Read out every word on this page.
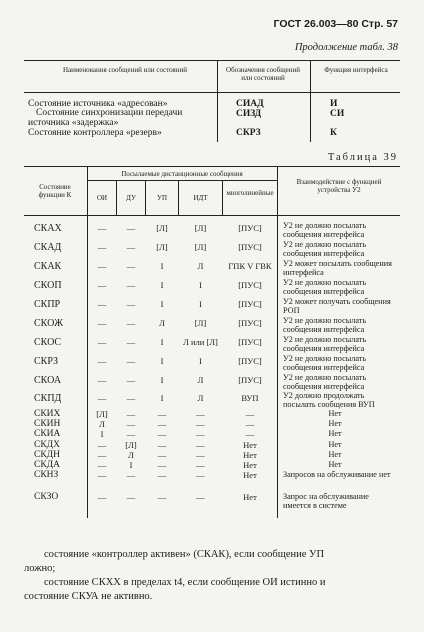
ГОСТ 26.003—80 Стр. 57
Продолжение табл. 38
Наименования сообщений или состояний	Обозначения сообщений или состояний
Функция интерфейса
Состояние источника «адресован»	СИАД	И
Состояние синхронизации передачи источника «задержка»
СИЗД	СИ
Состояние контроллера «резерв»	СКРЗ	К
Таблица 39
Состояние функции К
Посылаемые дистанционные сообщения
ОИ	ДУ	УП	ИДТ
многолинейные
Взаимодействие с функцией устройства У2
СКАХ	—	—	[Л]	[Л]	[ПУС]	У2 не должно посылать сообщения интерфейса
СКАД	—	—	[Л]	[Л]	[ПУС]	У2 не должно посылать сообщения интерфейса
СКАК	—	—	I	Л	ГПК V ГВК	У2 может посылать сообщения интерфейса
СКОП	—	—	I	I	[ПУС]	У2 не должно посылать сообщения интерфейса
СКПР	—	—	I	I	[ПУС]	У2 может получать сообщения РОП
СКОЖ	—	—	Л	[Л]	[ПУС]	У2 не должно посылать сообщения интерфейса
СКОС	—	—	I	Л или [Л]	[ПУС]	У2 не должно посылать сообщения интерфейса
СКРЗ	—	—	I	I	[ПУС]	У2 не должно посылать сообщения интерфейса
СКОА	—	—	I	Л	[ПУС]	У2 не должно посылать сообщения интерфейса
СКПД	—	—	I	Л	ВУП	У2 должно продолжать посылать сообщения ВУП
СКИХ	[Л]	—	—	—	—	Нет
СКИН	Л	—	—	—	—	Нет
СКИА	I	—	—	—	—	Нет
СКДХ	—	[Л]	—	—	Нет	Нет
СКДН	—	Л	—	—	Нет	Нет
СКДА	—	I	—	—	Нет	Нет
СКНЗ	—	—	—	—	Нет	Запросов на обслуживание нет
СКЗО	—	—	—	—	Нет	Запрос на обслуживание имеется в системе
состояние «контроллер активен» (СКАК), если сообщение УП
ложно;
состояние СКХХ в пределах t4, если сообщение ОИ истинно и
состояние СКУА не активно.
